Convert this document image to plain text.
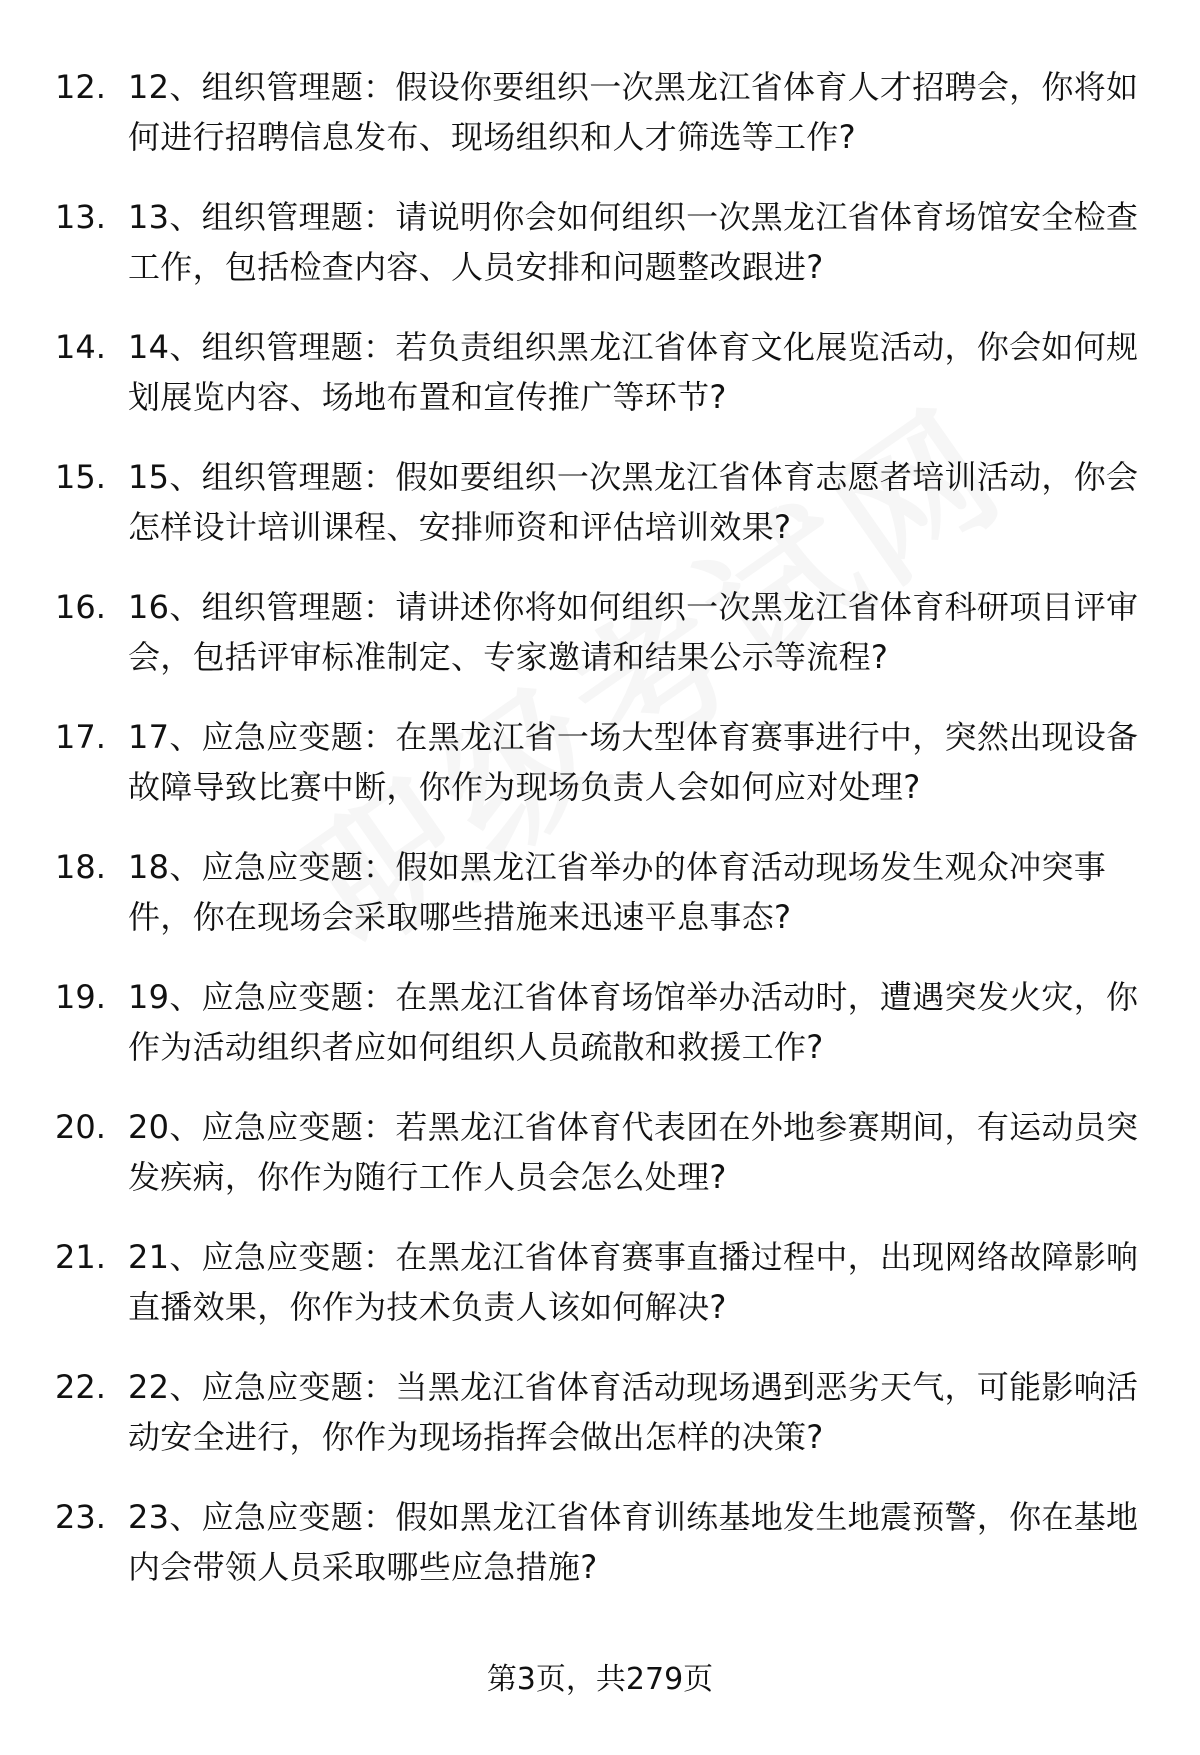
12. 12、组织管理题：假设你要组织一次黑龙江省体育人才招聘会，你将如何进行招聘信息发布、现场组织和人才筛选等工作?
13. 13、组织管理题：请说明你会如何组织一次黑龙江省体育场馆安全检查工作，包括检查内容、人员安排和问题整改跟进?
14. 14、组织管理题：若负责组织黑龙江省体育文化展览活动，你会如何规划展览内容、场地布置和宣传推广等环节?
15. 15、组织管理题：假如要组织一次黑龙江省体育志愿者培训活动，你会怎样设计培训课程、安排师资和评估培训效果?
16. 16、组织管理题：请讲述你将如何组织一次黑龙江省体育科研项目评审会，包括评审标准制定、专家邀请和结果公示等流程?
17. 17、应急应变题：在黑龙江省一场大型体育赛事进行中，突然出现设备故障导致比赛中断，你作为现场负责人会如何应对处理?
18. 18、应急应变题：假如黑龙江省举办的体育活动现场发生观众冲突事件，你在现场会采取哪些措施来迅速平息事态?
19. 19、应急应变题：在黑龙江省体育场馆举办活动时，遭遇突发火灾，你作为活动组织者应如何组织人员疏散和救援工作?
20. 20、应急应变题：若黑龙江省体育代表团在外地参赛期间，有运动员突发疾病，你作为随行工作人员会怎么处理?
21. 21、应急应变题：在黑龙江省体育赛事直播过程中，出现网络故障影响直播效果，你作为技术负责人该如何解决?
22. 22、应急应变题：当黑龙江省体育活动现场遇到恶劣天气，可能影响活动安全进行，你作为现场指挥会做出怎样的决策?
23. 23、应急应变题：假如黑龙江省体育训练基地发生地震预警，你在基地内会带领人员采取哪些应急措施?
第3页，共279页
